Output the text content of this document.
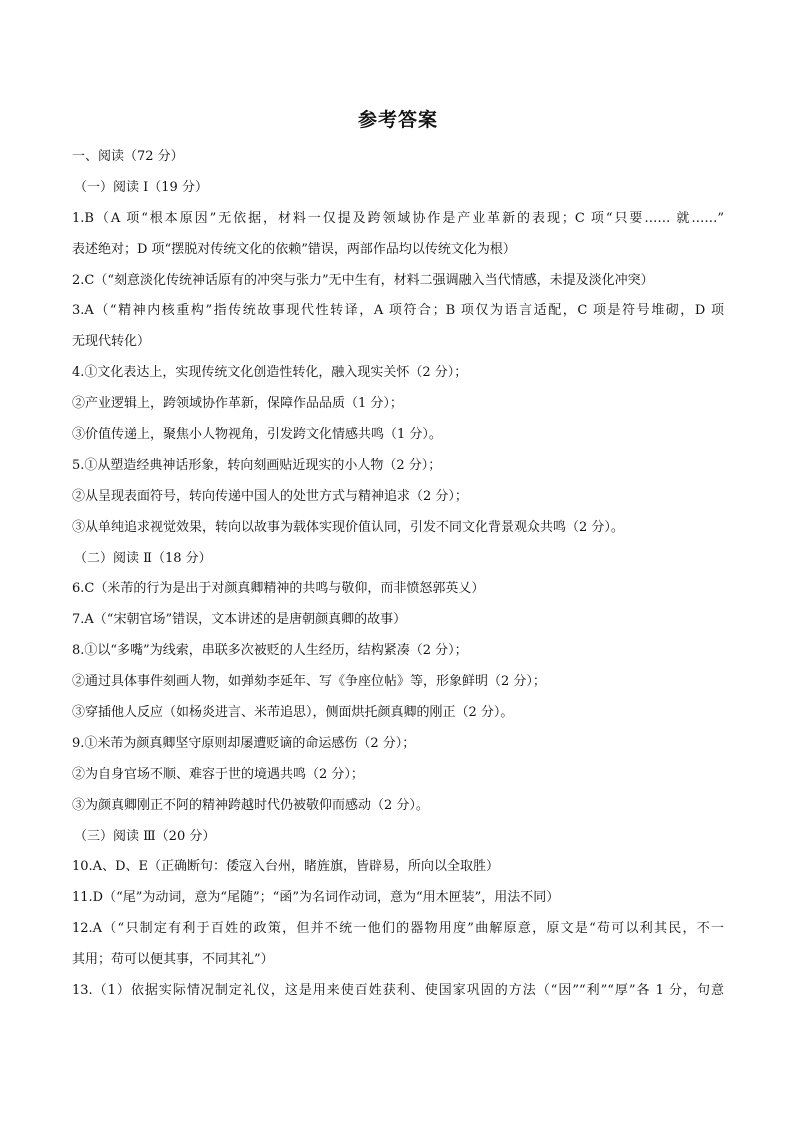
参考答案
一、阅读（72 分）
（一）阅读 Ⅰ（19 分）
1.B（A 项“根本原因”无依据，材料一仅提及跨领域协作是产业革新的表现；C 项“只要…… 就……”
表述绝对；D 项“摆脱对传统文化的依赖”错误，两部作品均以传统文化为根）
2.C（“刻意淡化传统神话原有的冲突与张力”无中生有，材料二强调融入当代情感，未提及淡化冲突）
3.A（“精神内核重构”指传统故事现代性转译，A 项符合；B 项仅为语言适配，C 项是符号堆砌，D 项
无现代转化）
4.①文化表达上，实现传统文化创造性转化，融入现实关怀（2 分）；
②产业逻辑上，跨领域协作革新，保障作品品质（1 分）；
③价值传递上，聚焦小人物视角，引发跨文化情感共鸣（1 分）。
5.①从塑造经典神话形象，转向刻画贴近现实的小人物（2 分）；
②从呈现表面符号，转向传递中国人的处世方式与精神追求（2 分）；
③从单纯追求视觉效果，转向以故事为载体实现价值认同，引发不同文化背景观众共鸣（2 分）。
（二）阅读 Ⅱ（18 分）
6.C（米芾的行为是出于对颜真卿精神的共鸣与敬仰，而非愤怒郭英乂）
7.A（“宋朝官场”错误，文本讲述的是唐朝颜真卿的故事）
8.①以“多嘴”为线索，串联多次被贬的人生经历，结构紧凑（2 分）；
②通过具体事件刻画人物，如弹劾李延年、写《争座位帖》等，形象鲜明（2 分）；
③穿插他人反应（如杨炎进言、米芾追思），侧面烘托颜真卿的刚正（2 分）。
9.①米芾为颜真卿坚守原则却屡遭贬谪的命运感伤（2 分）；
②为自身官场不顺、难容于世的境遇共鸣（2 分）；
③为颜真卿刚正不阿的精神跨越时代仍被敬仰而感动（2 分）。
（三）阅读 Ⅲ（20 分）
10.A、D、E（正确断句：倭寇入台州，睹旌旗，皆辟易，所向以全取胜）
11.D（“尾”为动词，意为“尾随”；“函”为名词作动词，意为“用木匣装”，用法不同）
12.A（“只制定有利于百姓的政策，但并不统一他们的器物用度”曲解原意，原文是“苟可以利其民，不一
其用；苟可以便其事，不同其礼”）
13.（1）依据实际情况制定礼仪，这是用来使百姓获利、使国家巩固的方法（“因”“利”“厚”各 1 分，句意
